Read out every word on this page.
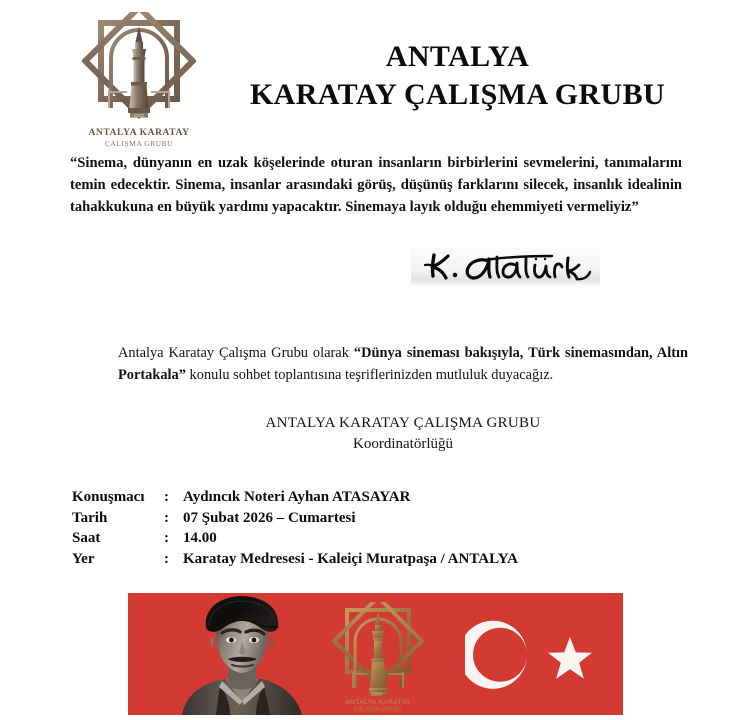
2022
ANTALYA KARATAY
ÇALIŞMA GRUBU
ANTALYA
KARATAY ÇALIŞMA GRUBU
“Sinema, dünyanın en uzak köşelerinde oturan insanların birbirlerini sevmelerini, tanımalarını temin edecektir. Sinema, insanlar arasındaki görüş, düşünüş farklarını silecek, insanlık idealinin tahakkukuna en büyük yardımı yapacaktır. Sinemaya layık olduğu ehemmiyeti vermeliyiz”
Antalya Karatay Çalışma Grubu olarak “Dünya sineması bakışıyla, Türk sinemasından, Altın Portakala” konulu sohbet toplantısına teşriflerinizden mutluluk duyacağız.
ANTALYA KARATAY ÇALIŞMA GRUBU
Koordinatörlüğü
Konuşmacı	: Aydıncık Noteri Ayhan ATASAYAR
Tarih	: 07 Şubat 2026 – Cumartesi
Saat	: 14.00
Yer	: Karatay Medresesi - Kaleiçi Muratpaşa / ANTALYA
2022
ANTALYA KARATAY
ÇALIŞMA GRUBU
